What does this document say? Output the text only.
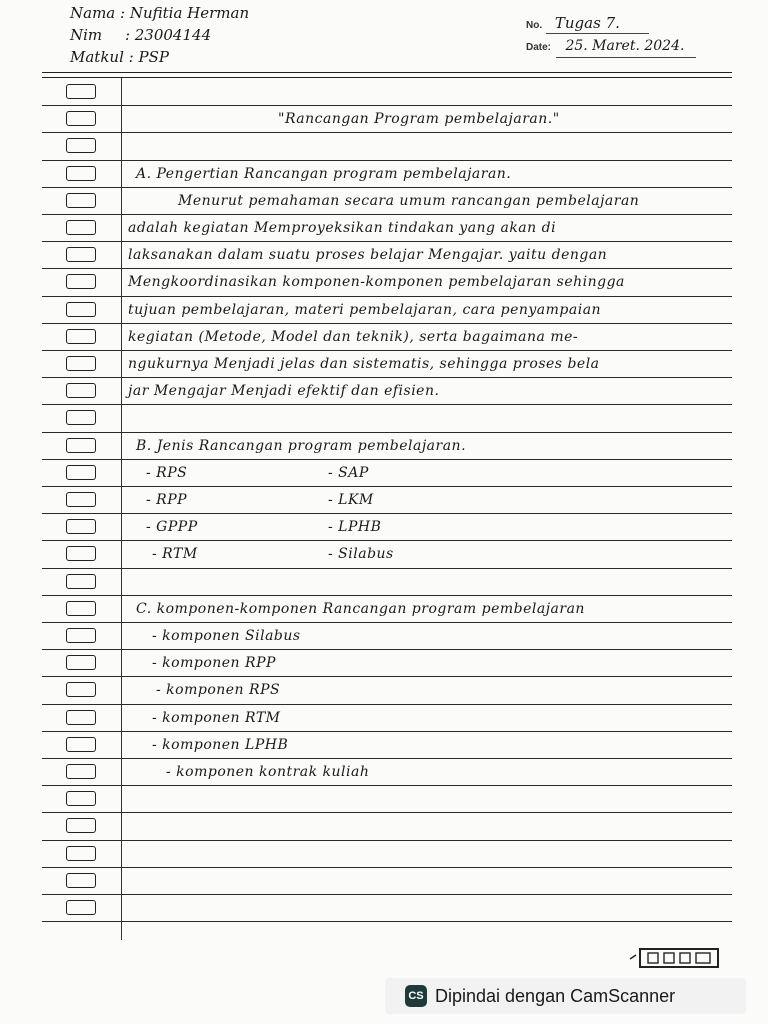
Nama : Nufitia Herman
Nim : 23004144
Matkul : PSP
No. Tugas 7.
Date: 25. Maret. 2024.
"Rancangan Program pembelajaran."
A. Pengertian Rancangan program pembelajaran.
Menurut pemahaman secara umum rancangan pembelajaran
adalah kegiatan Memproyeksikan tindakan yang akan di
laksanakan dalam suatu proses belajar Mengajar. yaitu dengan
Mengkoordinasikan komponen-komponen pembelajaran sehingga
tujuan pembelajaran, materi pembelajaran, cara penyampaian
kegiatan (Metode, Model dan teknik), serta bagaimana me-
ngukurnya Menjadi jelas dan sistematis, sehingga proses bela
jar Mengajar Menjadi efektif dan efisien.
B. Jenis Rancangan program pembelajaran.
C. komponen-komponen Rancangan program pembelajaran
- komponen Silabus
- komponen RPP
- komponen RPS
- komponen RTM
- komponen LPHB
- komponen kontrak kuliah
- RPS	- SAP
- RPP	- LKM
- GPPP	- LPHB
- RTM	- Silabus
CS Dipindai dengan CamScanner
